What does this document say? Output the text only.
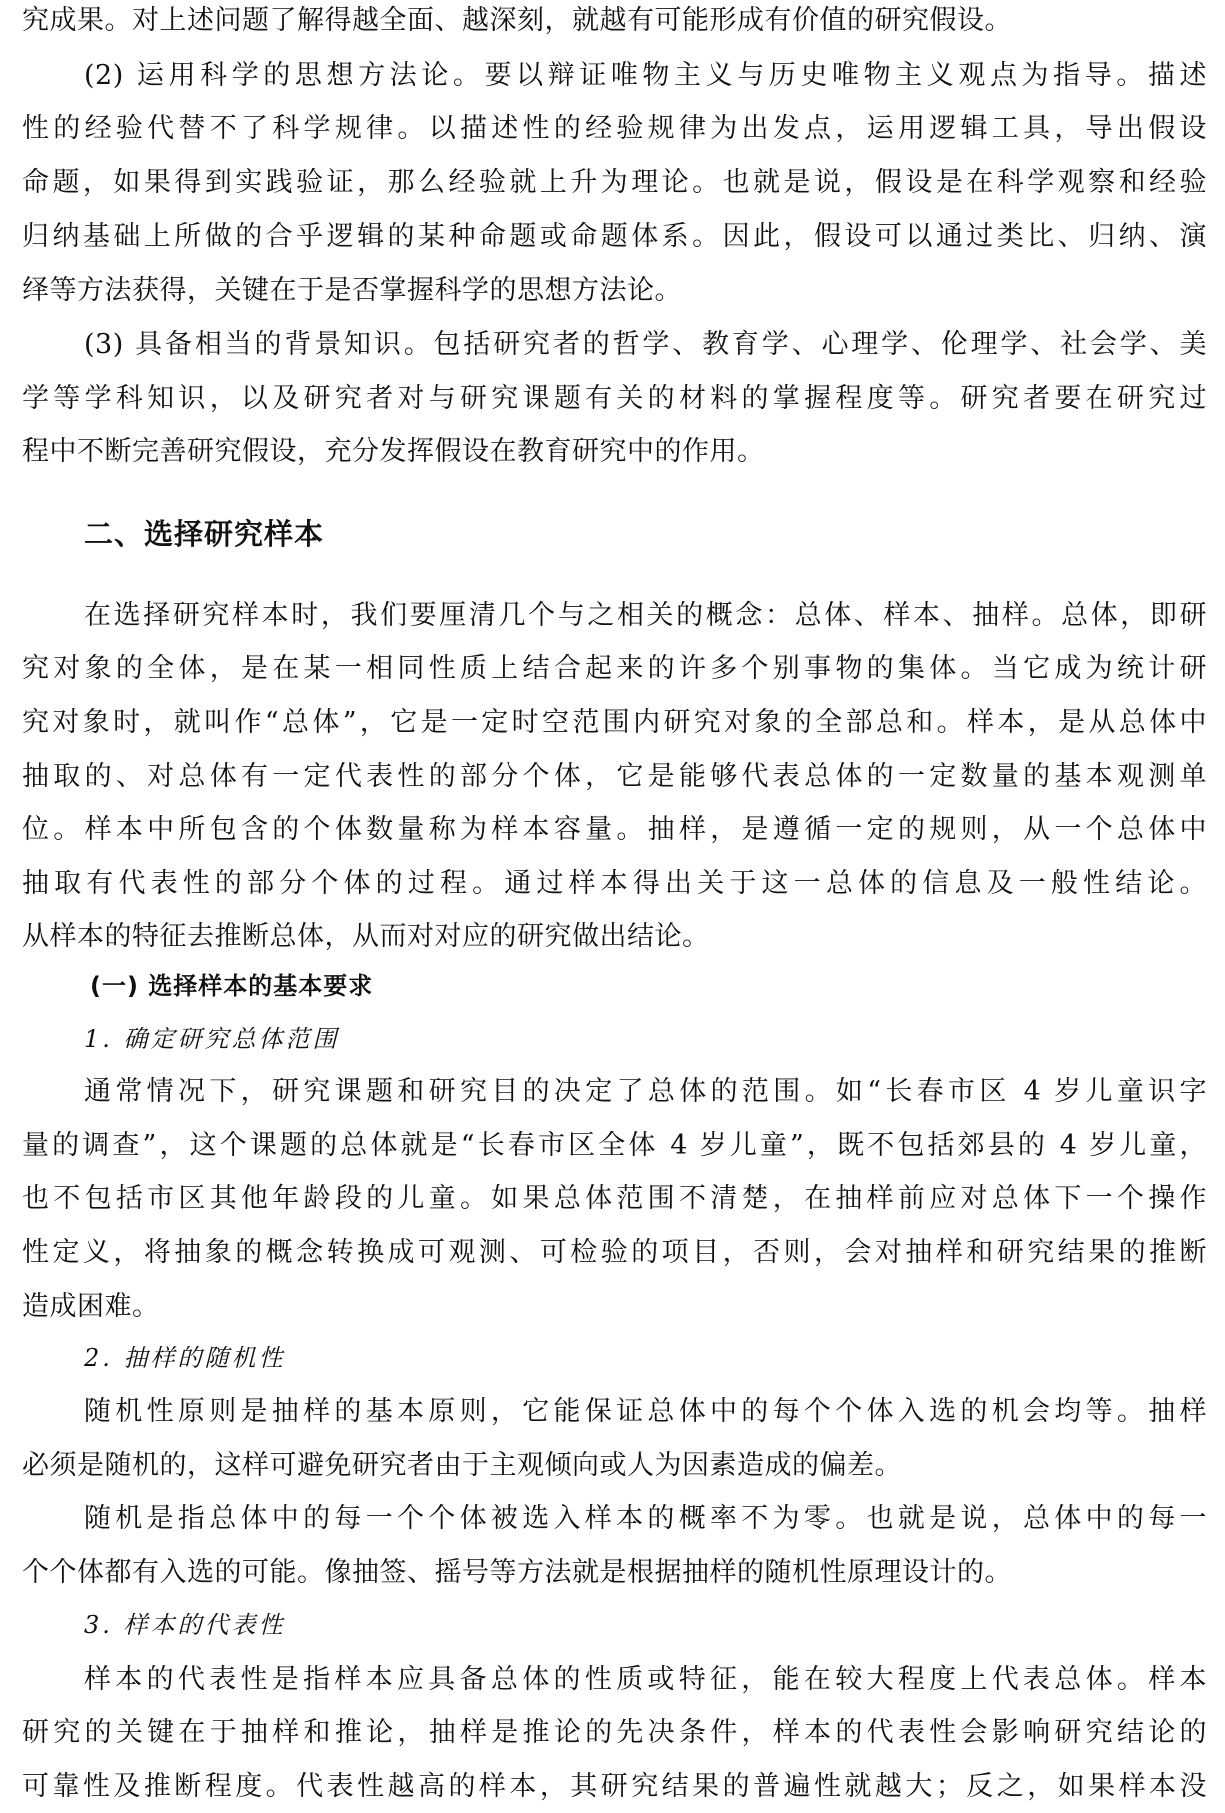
究成果。对上述问题了解得越全面、越深刻，就越有可能形成有价值的研究假设。
(2) 运用科学的思想方法论。要以辩证唯物主义与历史唯物主义观点为指导。描述
性的经验代替不了科学规律。以描述性的经验规律为出发点，运用逻辑工具，导出假设
命题，如果得到实践验证，那么经验就上升为理论。也就是说，假设是在科学观察和经验
归纳基础上所做的合乎逻辑的某种命题或命题体系。因此，假设可以通过类比、归纳、演
绎等方法获得，关键在于是否掌握科学的思想方法论。
(3) 具备相当的背景知识。包括研究者的哲学、教育学、心理学、伦理学、社会学、美
学等学科知识，以及研究者对与研究课题有关的材料的掌握程度等。研究者要在研究过
程中不断完善研究假设，充分发挥假设在教育研究中的作用。
二、选择研究样本
在选择研究样本时，我们要厘清几个与之相关的概念：总体、样本、抽样。总体，即研
究对象的全体，是在某一相同性质上结合起来的许多个别事物的集体。当它成为统计研
究对象时，就叫作“总体”，它是一定时空范围内研究对象的全部总和。样本，是从总体中
抽取的、对总体有一定代表性的部分个体，它是能够代表总体的一定数量的基本观测单
位。样本中所包含的个体数量称为样本容量。抽样，是遵循一定的规则，从一个总体中
抽取有代表性的部分个体的过程。通过样本得出关于这一总体的信息及一般性结论。
从样本的特征去推断总体，从而对对应的研究做出结论。
(一) 选择样本的基本要求
1. 确定研究总体范围
通常情况下，研究课题和研究目的决定了总体的范围。如“长春市区 4 岁儿童识字
量的调查”，这个课题的总体就是“长春市区全体 4 岁儿童”，既不包括郊县的 4 岁儿童，
也不包括市区其他年龄段的儿童。如果总体范围不清楚，在抽样前应对总体下一个操作
性定义，将抽象的概念转换成可观测、可检验的项目，否则，会对抽样和研究结果的推断
造成困难。
2. 抽样的随机性
随机性原则是抽样的基本原则，它能保证总体中的每个个体入选的机会均等。抽样
必须是随机的，这样可避免研究者由于主观倾向或人为因素造成的偏差。
随机是指总体中的每一个个体被选入样本的概率不为零。也就是说，总体中的每一
个个体都有入选的可能。像抽签、摇号等方法就是根据抽样的随机性原理设计的。
3. 样本的代表性
样本的代表性是指样本应具备总体的性质或特征，能在较大程度上代表总体。样本
研究的关键在于抽样和推论，抽样是推论的先决条件，样本的代表性会影响研究结论的
可靠性及推断程度。代表性越高的样本，其研究结果的普遍性就越大；反之，如果样本没
